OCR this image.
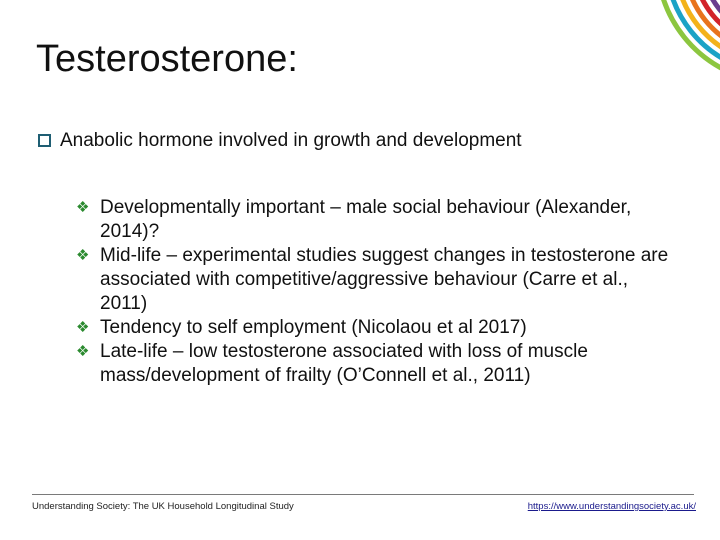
Testerosterone:
Anabolic hormone involved in growth and development

❖ Developmentally important – male social behaviour (Alexander, 2014)?

❖ Mid-life – experimental studies suggest changes in testosterone are associated with competitive/aggressive behaviour (Carre et al., 2011)

❖ Tendency to self employment (Nicolaou et al 2017)

❖ Late-life – low testosterone associated with loss of muscle mass/development of frailty (O’Connell et al., 2011)

Understanding Society: The UK Household Longitudinal Study	https://www.understandingsociety.ac.uk/
